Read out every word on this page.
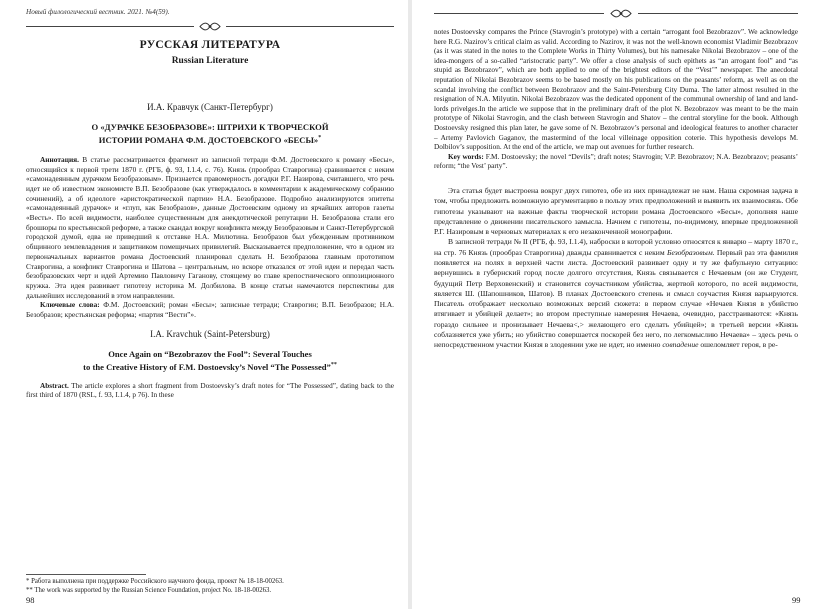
Новый филологический вестник. 2021. №4(59).
РУССКАЯ ЛИТЕРАТУРА
Russian Literature
И.А. Кравчук (Санкт-Петербург)
О «ДУРАЧКЕ БЕЗОБРАЗОВЕ»: ШТРИХИ К ТВОРЧЕСКОЙ
ИСТОРИИ РОМАНА Ф.М. ДОСТОЕВСКОГО «БЕСЫ»*

Аннотация. В статье рассматривается фрагмент из записной тетради Ф.М. Достоевского к роману «Бесы», относящийся к первой трети 1870 г. (РГБ, ф. 93, I.1.4, с. 76). Князь (прообраз Ставрогина) сравнивается с неким «самонадеянным дурачком Безобразовым». Признается правомерность догадки Р.Г. Назировa, считавшего, что речь идет не об известном экономисте В.П. Безобразове (как утверждалось в комментарии к академическому собранию сочинений), а об идеологе «аристократической партии» Н.А. Безобразове. Подробно анализируются эпитеты «самонадеянный дурачок» и «глуп, как Безобразов», данные Достоевским одному из ярчайших авторов газеты «Весть». По всей видимости, наиболее существенным для анекдотической репутации Н. Безобразова стали его брошюры по крестьянской реформе, а также скандал вокруг конфликта между Безобразовым и Санкт-Петербургской городской думой, едва не приведший к отставке Н.А. Милютина. Безобразов был убежденным противником общинного землевладения и защитником помещичьих привилегий. Высказывается предположение, что в одном из первоначальных вариантов романа Достоевский планировал сделать Н. Безобразова главным прототипом Ставрогина, а конфликт Ставрогина и Шатова – центральным, но вскоре отказался от этой идеи и передал часть безобразовских черт и идей Артемию Павловичу Гаганову, стоящему во главе крепостнического оппозиционного кружка. Эта идея развивает гипотезу историка М. Долбилова. В конце статьи намечаются перспективы для дальнейших исследований в этом направлении.

Ключевые слова: Ф.М. Достоевский; роман «Бесы»; записные тетради; Ставрогин; В.П. Безобразов; Н.А. Безобразов; крестьянская реформа; «партия “Вести”».

I.A. Kravchuk (Saint-Petersburg)
Once Again on “Bezobrazov the Fool”: Several Touches
to the Creative History of F.M. Dostoevsky’s Novel “The Possessed”**

Abstract. The article explores a short fragment from Dostoevsky’s draft notes for “The Possessed”, dating back to the first third of 1870 (RSL, f. 93, I.1.4, p 76). In these

* Работа выполнена при поддержке Российского научного фонда, проект № 18-18-00263.
** The work was supported by the Russian Science Foundation, project No. 18-18-00263.
98

notes Dostoevsky compares the Prince (Stavrogin’s prototype) with a certain “arrogant fool Bezobrazov”. We acknowledge here R.G. Nazirov’s critical claim as valid. According to Nazirov, it was not the well-known economist Vladimir Bezobrazov (as it was stated in the notes to the Complete Works in Thirty Volumes), but his namesake Nikolai Bezobrazov – one of the idea-mongers of a so-called “aristocratic party”. We offer a close analysis of such epithets as “an arrogant fool” and “as stupid as Bezobrazov”, which are both applied to one of the brightest editors of the “Vest’” newspaper. The anecdotal reputation of Nikolai Bezobrazov seems to be based mostly on his publications on the peasants’ reform, as well as on the scandal involving the conflict between Bezobrazov and the Saint-Petersburg City Duma. The latter almost resulted in the resignation of N.A. Milyutin. Nikolai Bezobrazov was the dedicated opponent of the communal ownership of land and land-lords privelges.In the article we suppose that in the preliminary draft of the plot N. Bezobrazov was meant to be the main prototype of Nikolai Stavrogin, and the clash between Stavrogin and Shatov – the central storyline for the book. Although Dostoevsky resigned this plan later, he gave some of N. Bezobrazov’s personal and ideological features to another character – Artemy Pavlovich Gaganov, the mastermind of the local villeinage opposition coterie. This hypothesis develops M. Dolbilov’s supposition. At the end of the article, we map out avenues for further research.

Key words: F.M. Dostoevsky; the novel “Devils”; draft notes; Stavrogin; V.P. Bezobrazov; N.A. Bezobrazov; peasants’ reform; “the Vest’ party”.

Эта статья будет выстроена вокруг двух гипотез, обе из них принадлежат не нам. Наша скромная задача в том, чтобы предложить возможную аргументацию в пользу этих предположений и выявить их взаимосвязь. Обе гипотезы указывают на важные факты творческой истории романа Достоевского «Бесы», дополняя наше представление о движении писательского замысла. Начнем с гипотезы, по-видимому, впервые предложенной Р.Г. Назировым в черновых материалах к его незаконченной монографии.

В записной тетради № II (РГБ, ф. 93, I.1.4), наброски в которой условно относятся к январю – марту 1870 г., на стр. 76 Князь (прообраз Ставрогина) дважды сравнивается с неким Безобразовым. Первый раз эта фамилия появляется на полях в верхней части листа. Достоевский развивает одну и ту же фабульную ситуацию: вернувшись в губернский город после долгого отсутствия, Князь связывается с Нечаевым (он же Студент, будущий Петр Верховенский) и становится соучастником убийства, жертвой которого, по всей видимости, является Ш. (Шапошников, Шатов). В планах Достоевского степень и смысл соучастия Князя варьируются. Писатель отображает несколько возможных версий сюжета: в первом случае «Нечаев Князя в убийство втягивает и убийцей делает»; во втором преступные намерения Нечаева, очевидно, расстраиваются: «Князь гораздо сильнее и пронизывает Нечаева<,> желающего его сделать убийцей»; в третьей версии «Князь соблазняется уже убить; но убийство совершается поскорей без него, по легкомыслию Нечаева» – здесь речь о непосредственном участии Князя в злодеянии уже не идет, но именно совпадение ошеломляет героя, в ре-

99
